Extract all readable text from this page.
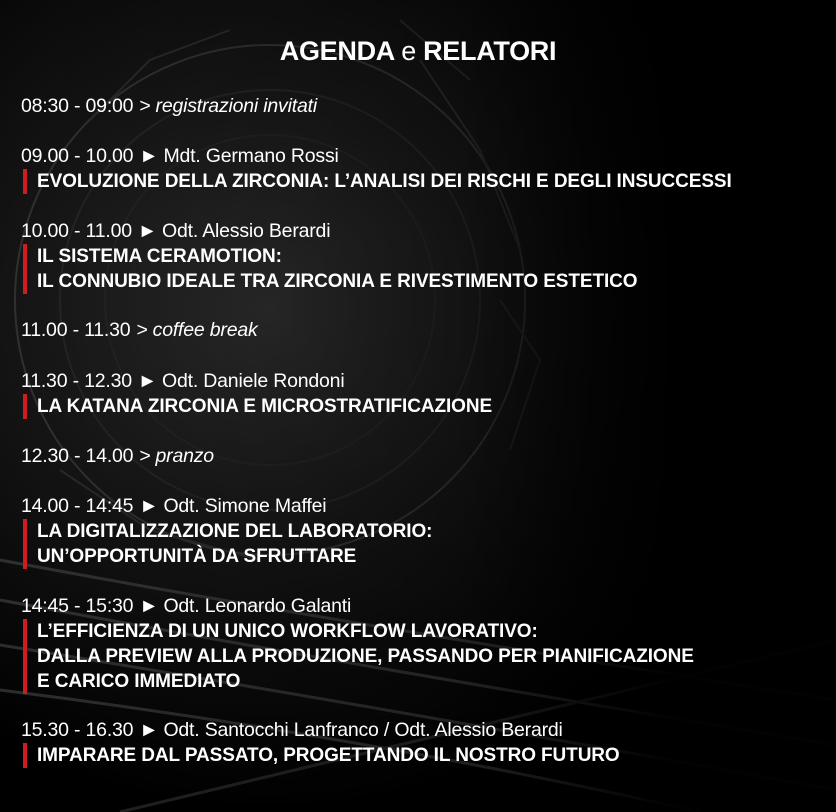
AGENDA e RELATORI
08:30 - 09:00 > registrazioni invitati
09.00 - 10.00 ► Mdt. Germano Rossi
EVOLUZIONE DELLA ZIRCONIA: L’ANALISI DEI RISCHI E DEGLI INSUCCESSI
10.00 - 11.00 ► Odt. Alessio Berardi
IL SISTEMA CERAMOTION:
IL CONNUBIO IDEALE TRA ZIRCONIA E RIVESTIMENTO ESTETICO
11.00 - 11.30 > coffee break
11.30 - 12.30 ► Odt. Daniele Rondoni
LA KATANA ZIRCONIA E MICROSTRATIFICAZIONE
12.30 - 14.00 > pranzo
14.00 - 14:45 ► Odt. Simone Maffei
LA DIGITALIZZAZIONE DEL LABORATORIO:
UN’OPPORTUNITÀ DA SFRUTTARE
14:45 - 15:30 ► Odt. Leonardo Galanti
L’EFFICIENZA DI UN UNICO WORKFLOW LAVORATIVO:
DALLA PREVIEW ALLA PRODUZIONE, PASSANDO PER PIANIFICAZIONE
E CARICO IMMEDIATO
15.30 - 16.30 ► Odt. Santocchi Lanfranco / Odt. Alessio Berardi
IMPARARE DAL PASSATO, PROGETTANDO IL NOSTRO FUTURO
